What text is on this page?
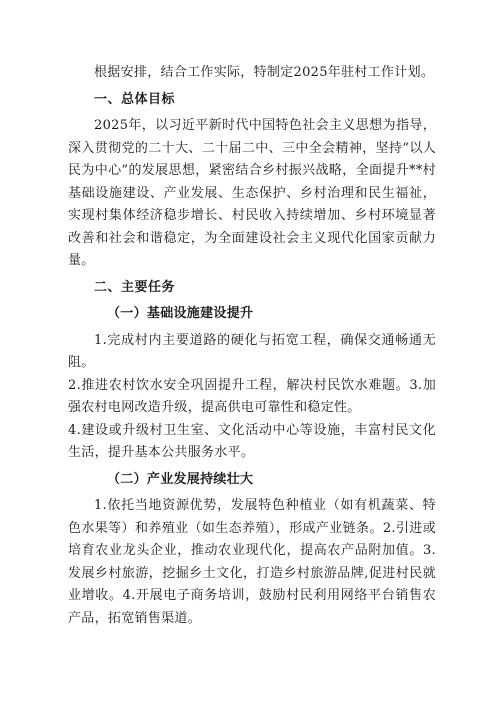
根据安排，结合工作实际，特制定2025年驻村工作计划。

一、总体目标

2025年，以习近平新时代中国特色社会主义思想为指导，深入贯彻党的二十大、二十届二中、三中全会精神，坚持“以人民为中心”的发展思想，紧密结合乡村振兴战略，全面提升**村基础设施建设、产业发展、生态保护、乡村治理和民生福祉，实现村集体经济稳步增长、村民收入持续增加、乡村环境显著改善和社会和谐稳定，为全面建设社会主义现代化国家贡献力量。

二、主要任务
（一）基础设施建设提升

1.完成村内主要道路的硬化与拓宽工程，确保交通畅通无阻。

2.推进农村饮水安全巩固提升工程，解决村民饮水难题。3.加强农村电网改造升级，提高供电可靠性和稳定性。

4.建设或升级村卫生室、文化活动中心等设施，丰富村民文化生活，提升基本公共服务水平。

（二）产业发展持续壮大

1.依托当地资源优势，发展特色种植业（如有机蔬菜、特色水果等）和养殖业（如生态养殖），形成产业链条。2.引进或培育农业龙头企业，推动农业现代化，提高农产品附加值。3.发展乡村旅游，挖掘乡土文化，打造乡村旅游品牌,促进村民就业增收。4.开展电子商务培训，鼓励村民利用网络平台销售农产品，拓宽销售渠道。
